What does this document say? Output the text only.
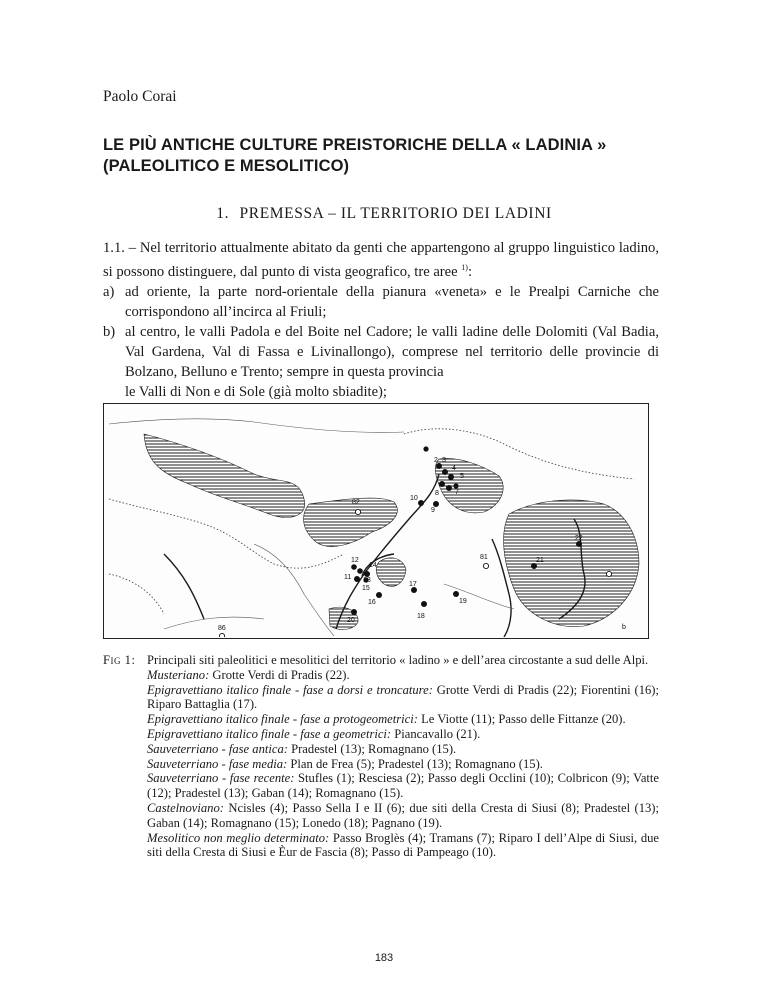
Paolo Corai
LE PIÙ ANTICHE CULTURE PREISTORICHE DELLA « LADINIA »
(PALEOLITICO E MESOLITICO)
1. PREMESSA – IL TERRITORIO DEI LADINI

1.1. – Nel territorio attualmente abitato da genti che appartengono al gruppo linguistico ladino, si possono distinguere, dal punto di vista geografico, tre aree $^{1)}$:

a) ad oriente, la parte nord-orientale della pianura «veneta» e le Prealpi Carniche che corrispondono all’incirca al Friuli;
b) al centro, le valli Padola e del Boite nel Cadore; le valli ladine delle Dolomiti (Val Badia, Val Gardena, Val di Fassa e Livinallongo), comprese nel territorio delle provincie di Bolzano, Belluno e Trento; sempre in questa provincia

le Valli di Non e di Sole (già molto sbiadite);

2 3
4
5
6
7
8
9
10
11
12
13
14
15
16
17
18
19
20
21
22
81
82
86	b
Fig 1: Principali siti paleolitici e mesolitici del territorio « ladino » e dell’area circostante a sud delle Alpi.

Musteriano: Grotte Verdi di Pradis (22).

Epigravettiano italico finale - fase a dorsi e troncature: Grotte Verdi di Pradis (22); Fiorentini (16); Riparo Battaglia (17).

Epigravettiano italico finale - fase a protogeometrici: Le Viotte (11); Passo delle Fittanze (20).

Epigravettiano italico finale - fase a geometrici: Piancavallo (21).

Sauveterriano - fase antica: Pradestel (13); Romagnano (15).

Sauveterriano - fase media: Plan de Frea (5); Pradestel (13); Romagnano (15).

Sauveterriano - fase recente: Stufles (1); Resciesa (2); Passo degli Occlini (10); Colbricon (9); Vatte (12); Pradestel (13); Gaban (14); Romagnano (15).

Castelnoviano: Ncisles (4); Passo Sella I e II (6); due siti della Cresta di Siusi (8); Pradestel (13); Gaban (14); Romagnano (15); Lonedo (18); Pagnano (19).

Mesolitico non meglio determinato: Passo Broglès (4); Tramans (7); Riparo I dell’Alpe di Siusi, due siti della Cresta di Siusi e Èur de Fascia (8); Passo di Pampeago (10).

183
